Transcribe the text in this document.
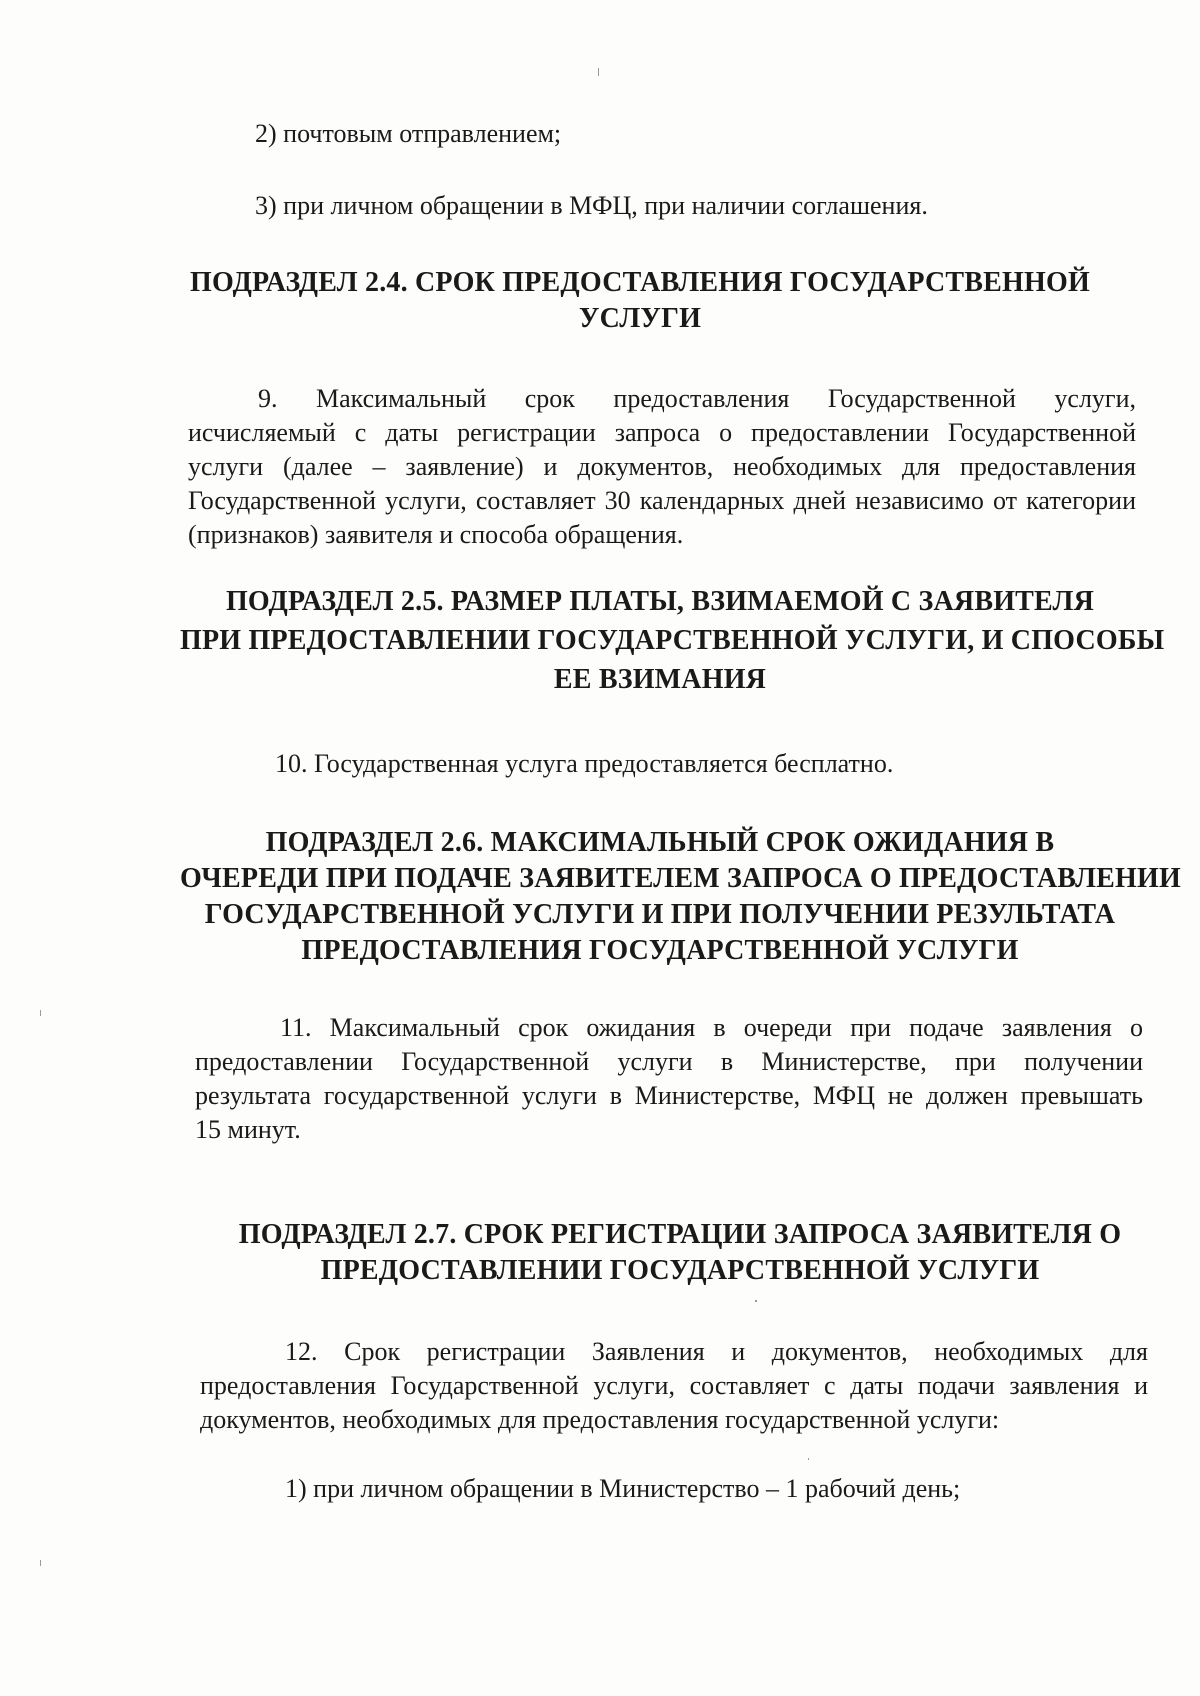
2) почтовым отправлением;
3) при личном обращении в МФЦ, при наличии соглашения.
ПОДРАЗДЕЛ 2.4. СРОК ПРЕДОСТАВЛЕНИЯ ГОСУДАРСТВЕННОЙ
УСЛУГИ
9. Максимальный срок предоставления Государственной услуги,
исчисляемый с даты регистрации запроса о предоставлении Государственной
услуги (далее – заявление) и документов, необходимых для предоставления
Государственной услуги, составляет 30 календарных дней независимо от категории
(признаков) заявителя и способа обращения.
ПОДРАЗДЕЛ 2.5. РАЗМЕР ПЛАТЫ, ВЗИМАЕМОЙ С ЗАЯВИТЕЛЯ
ПРИ ПРЕДОСТАВЛЕНИИ ГОСУДАРСТВЕННОЙ УСЛУГИ, И СПОСОБЫ
ЕЕ ВЗИМАНИЯ
10. Государственная услуга предоставляется бесплатно.
ПОДРАЗДЕЛ 2.6. МАКСИМАЛЬНЫЙ СРОК ОЖИДАНИЯ В
ОЧЕРЕДИ ПРИ ПОДАЧЕ ЗАЯВИТЕЛЕМ ЗАПРОСА О ПРЕДОСТАВЛЕНИИ
ГОСУДАРСТВЕННОЙ УСЛУГИ И ПРИ ПОЛУЧЕНИИ РЕЗУЛЬТАТА
ПРЕДОСТАВЛЕНИЯ ГОСУДАРСТВЕННОЙ УСЛУГИ
11. Максимальный срок ожидания в очереди при подаче заявления о
предоставлении Государственной услуги в Министерстве, при получении
результата государственной услуги в Министерстве, МФЦ не должен превышать
15 минут.
ПОДРАЗДЕЛ 2.7. СРОК РЕГИСТРАЦИИ ЗАПРОСА ЗАЯВИТЕЛЯ О
ПРЕДОСТАВЛЕНИИ ГОСУДАРСТВЕННОЙ УСЛУГИ
12. Срок регистрации Заявления и документов, необходимых для
предоставления Государственной услуги, составляет с даты подачи заявления и
документов, необходимых для предоставления государственной услуги:
1) при личном обращении в Министерство – 1 рабочий день;
